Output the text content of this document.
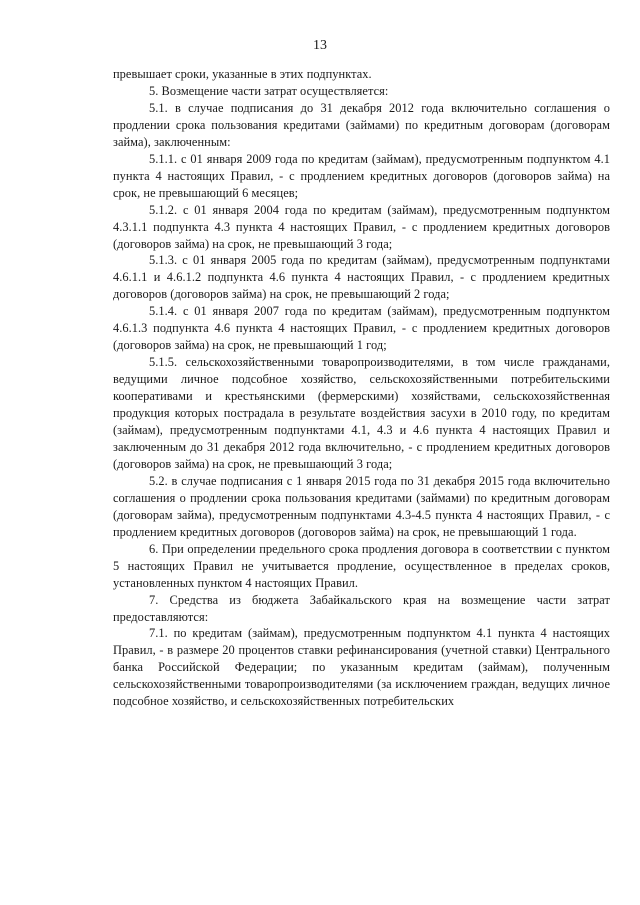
13

превышает сроки, указанные в этих подпунктах.

5. Возмещение части затрат осуществляется:

5.1. в случае подписания до 31 декабря 2012 года включительно соглашения о продлении срока пользования кредитами (займами) по кредитным договорам (договорам займа), заключенным:

5.1.1. с 01 января 2009 года по кредитам (займам), предусмотренным подпунктом 4.1 пункта 4 настоящих Правил, - с продлением кредитных договоров (договоров займа) на срок, не превышающий 6 месяцев;

5.1.2. с 01 января 2004 года по кредитам (займам), предусмотренным подпунктом 4.3.1.1 подпункта 4.3 пункта 4 настоящих Правил, - с продлением кредитных договоров (договоров займа) на срок, не превышающий 3 года;

5.1.3. с 01 января 2005 года по кредитам (займам), предусмотренным подпунктами 4.6.1.1 и 4.6.1.2 подпункта 4.6 пункта 4 настоящих Правил, - с продлением кредитных договоров (договоров займа) на срок, не превышающий 2 года;

5.1.4. с 01 января 2007 года по кредитам (займам), предусмотренным подпунктом 4.6.1.3 подпункта 4.6 пункта 4 настоящих Правил, - с продлением кредитных договоров (договоров займа) на срок, не превышающий 1 год;

5.1.5. сельскохозяйственными товаропроизводителями, в том числе гражданами, ведущими личное подсобное хозяйство, сельскохозяйственными потребительскими кооперативами и крестьянскими (фермерскими) хозяйствами, сельскохозяйственная продукция которых пострадала в результате воздействия засухи в 2010 году, по кредитам (займам), предусмотренным подпунктами 4.1, 4.3 и 4.6 пункта 4 настоящих Правил и заключенным до 31 декабря 2012 года включительно, - с продлением кредитных договоров (договоров займа) на срок, не превышающий 3 года;

5.2. в случае подписания с 1 января 2015 года по 31 декабря 2015 года включительно соглашения о продлении срока пользования кредитами (займами) по кредитным договорам (договорам займа), предусмотренным подпунктами 4.3-4.5 пункта 4 настоящих Правил, - с продлением кредитных договоров (договоров займа) на срок, не превышающий 1 года.

6. При определении предельного срока продления договора в соответствии с пунктом 5 настоящих Правил не учитывается продление, осуществленное в пределах сроков, установленных пунктом 4 настоящих Правил.

7. Средства из бюджета Забайкальского края на возмещение части затрат предоставляются:

7.1. по кредитам (займам), предусмотренным подпунктом 4.1 пункта 4 настоящих Правил, - в размере 20 процентов ставки рефинансирования (учетной ставки) Центрального банка Российской Федерации; по указанным кредитам (займам), полученным сельскохозяйственными товаропроизводителями (за исключением граждан, ведущих личное подсобное хозяйство, и сельскохозяйственных потребительских
